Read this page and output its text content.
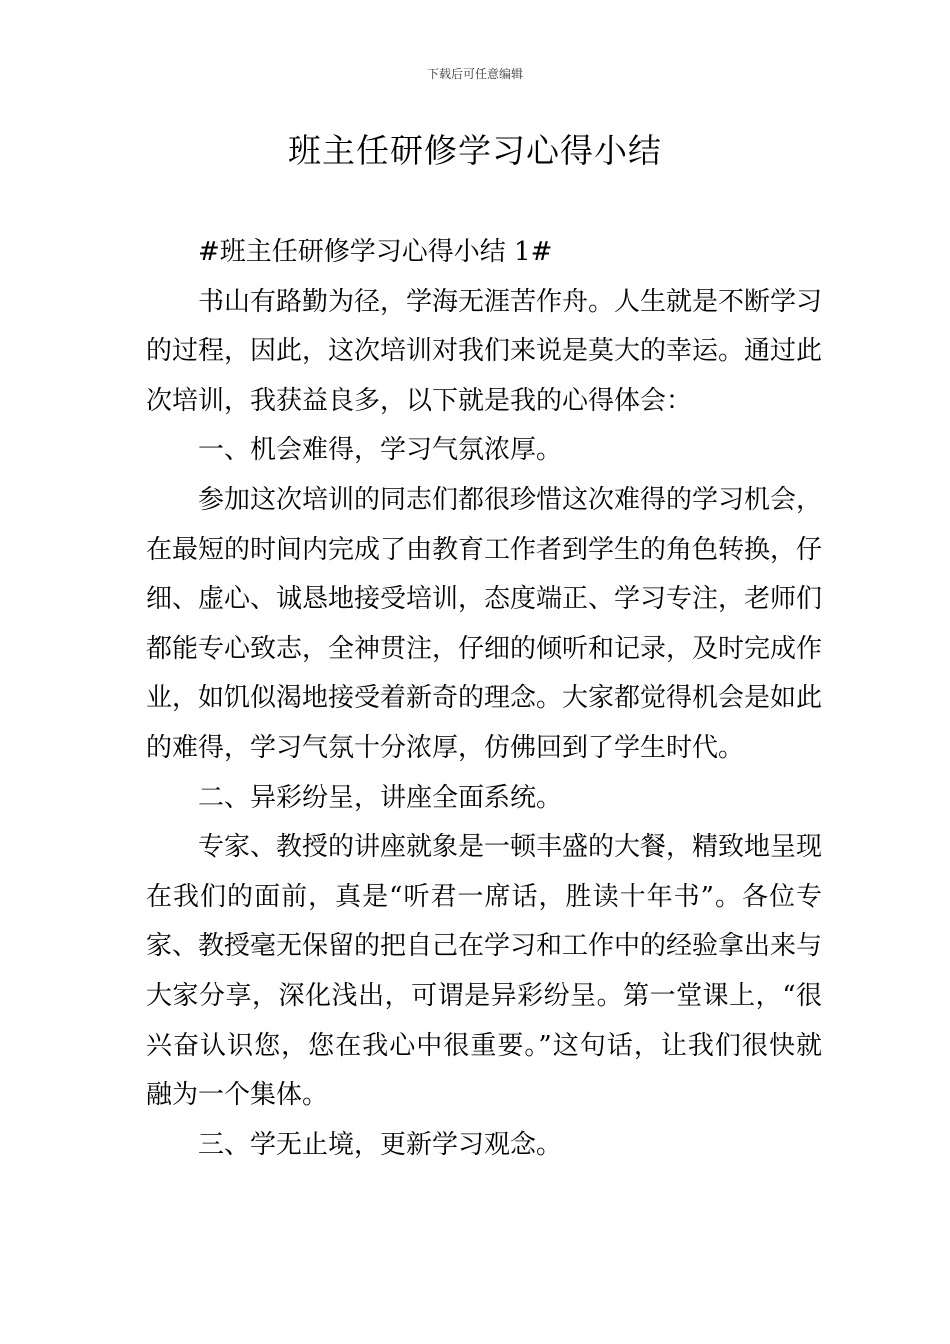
下载后可任意编辑
班主任研修学习心得小结

#班主任研修学习心得小结 1#

书山有路勤为径，学海无涯苦作舟。人生就是不断学习的过程，因此，这次培训对我们来说是莫大的幸运。通过此次培训，我获益良多，以下就是我的心得体会：

一、机会难得，学习气氛浓厚。

参加这次培训的同志们都很珍惜这次难得的学习机会，在最短的时间内完成了由教育工作者到学生的角色转换，仔细、虚心、诚恳地接受培训，态度端正、学习专注，老师们都能专心致志，全神贯注，仔细的倾听和记录，及时完成作业，如饥似渴地接受着新奇的理念。大家都觉得机会是如此的难得，学习气氛十分浓厚，仿佛回到了学生时代。

二、异彩纷呈，讲座全面系统。

专家、教授的讲座就象是一顿丰盛的大餐，精致地呈现在我们的面前，真是“听君一席话，胜读十年书”。各位专家、教授毫无保留的把自己在学习和工作中的经验拿出来与大家分享，深化浅出，可谓是异彩纷呈。第一堂课上，“很兴奋认识您，您在我心中很重要。”这句话，让我们很快就融为一个集体。

三、学无止境，更新学习观念。
